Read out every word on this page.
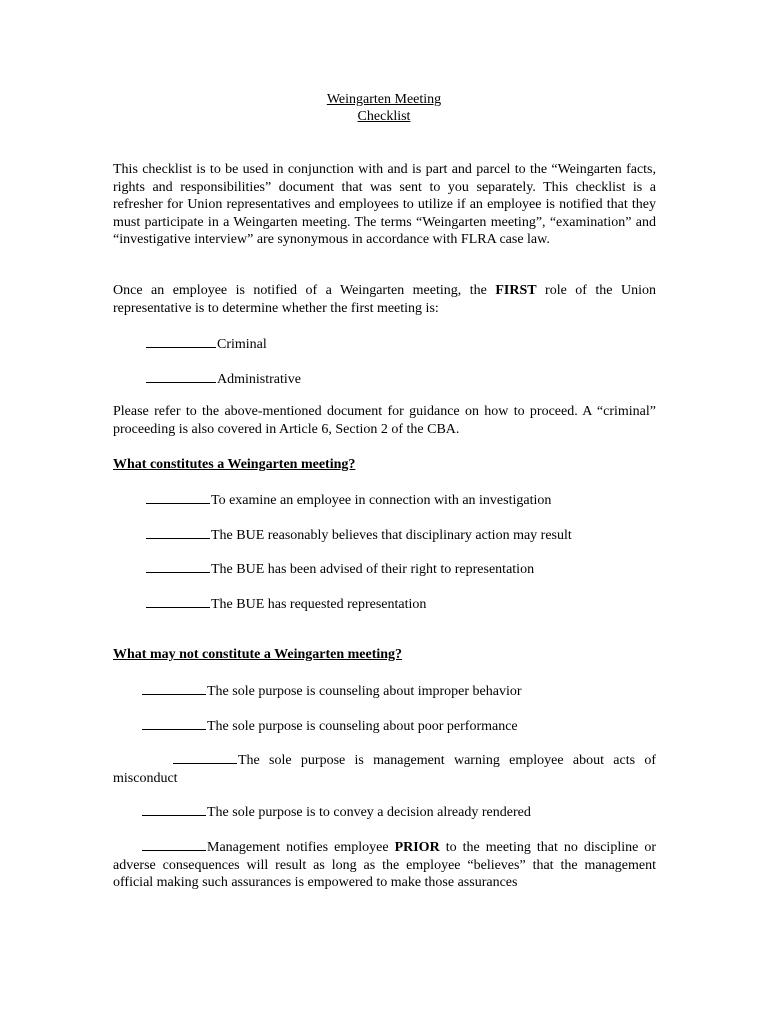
Weingarten Meeting

Checklist

This checklist is to be used in conjunction with and is part and parcel to the “Weingarten facts, rights and responsibilities” document that was sent to you separately. This checklist is a refresher for Union representatives and employees to utilize if an employee is notified that they must participate in a Weingarten meeting. The terms “Weingarten meeting”, “examination” and “investigative interview” are synonymous in accordance with FLRA case law.

Once an employee is notified of a Weingarten meeting, the FIRST role of the Union representative is to determine whether the first meeting is:

Criminal

Administrative

Please refer to the above-mentioned document for guidance on how to proceed. A “criminal” proceeding is also covered in Article 6, Section 2 of the CBA.

What constitutes a Weingarten meeting?

To examine an employee in connection with an investigation

The BUE reasonably believes that disciplinary action may result

The BUE has been advised of their right to representation

The BUE has requested representation

What may not constitute a Weingarten meeting?

The sole purpose is counseling about improper behavior

The sole purpose is counseling about poor performance

The sole purpose is management warning employee about acts of misconduct

The sole purpose is to convey a decision already rendered

Management notifies employee PRIOR to the meeting that no discipline or adverse consequences will result as long as the employee “believes” that the management official making such assurances is empowered to make those assurances
